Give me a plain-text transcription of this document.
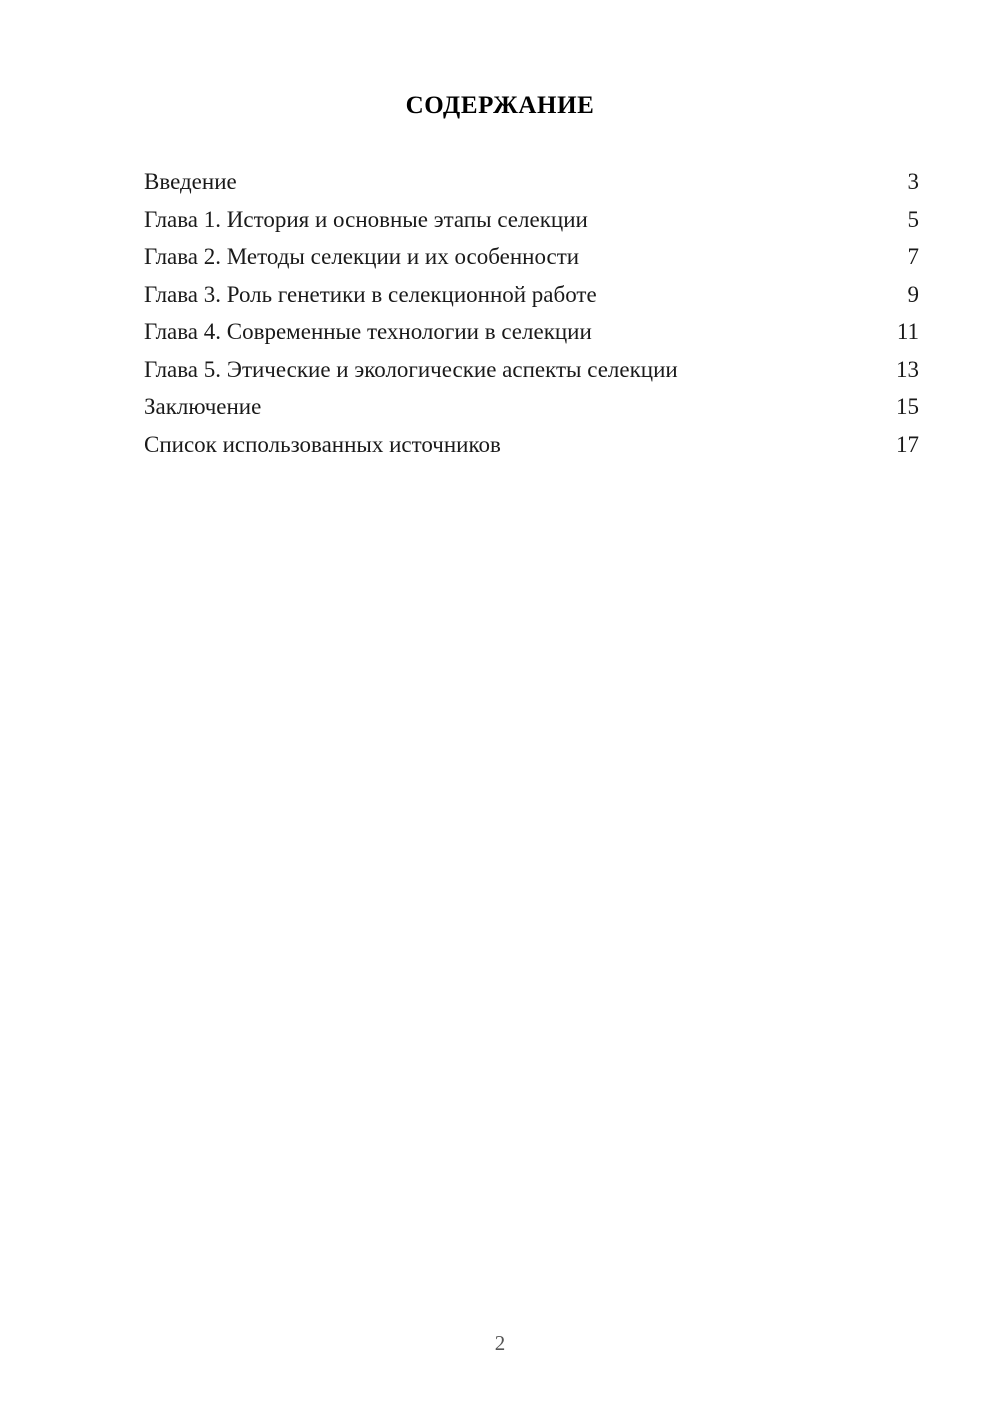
СОДЕРЖАНИЕ
Введение	3
Глава 1. История и основные этапы селекции	5
Глава 2. Методы селекции и их особенности	7
Глава 3. Роль генетики в селекционной работе	9
Глава 4. Современные технологии в селекции	11
Глава 5. Этические и экологические аспекты селекции	13
Заключение	15
Список использованных источников	17
2
